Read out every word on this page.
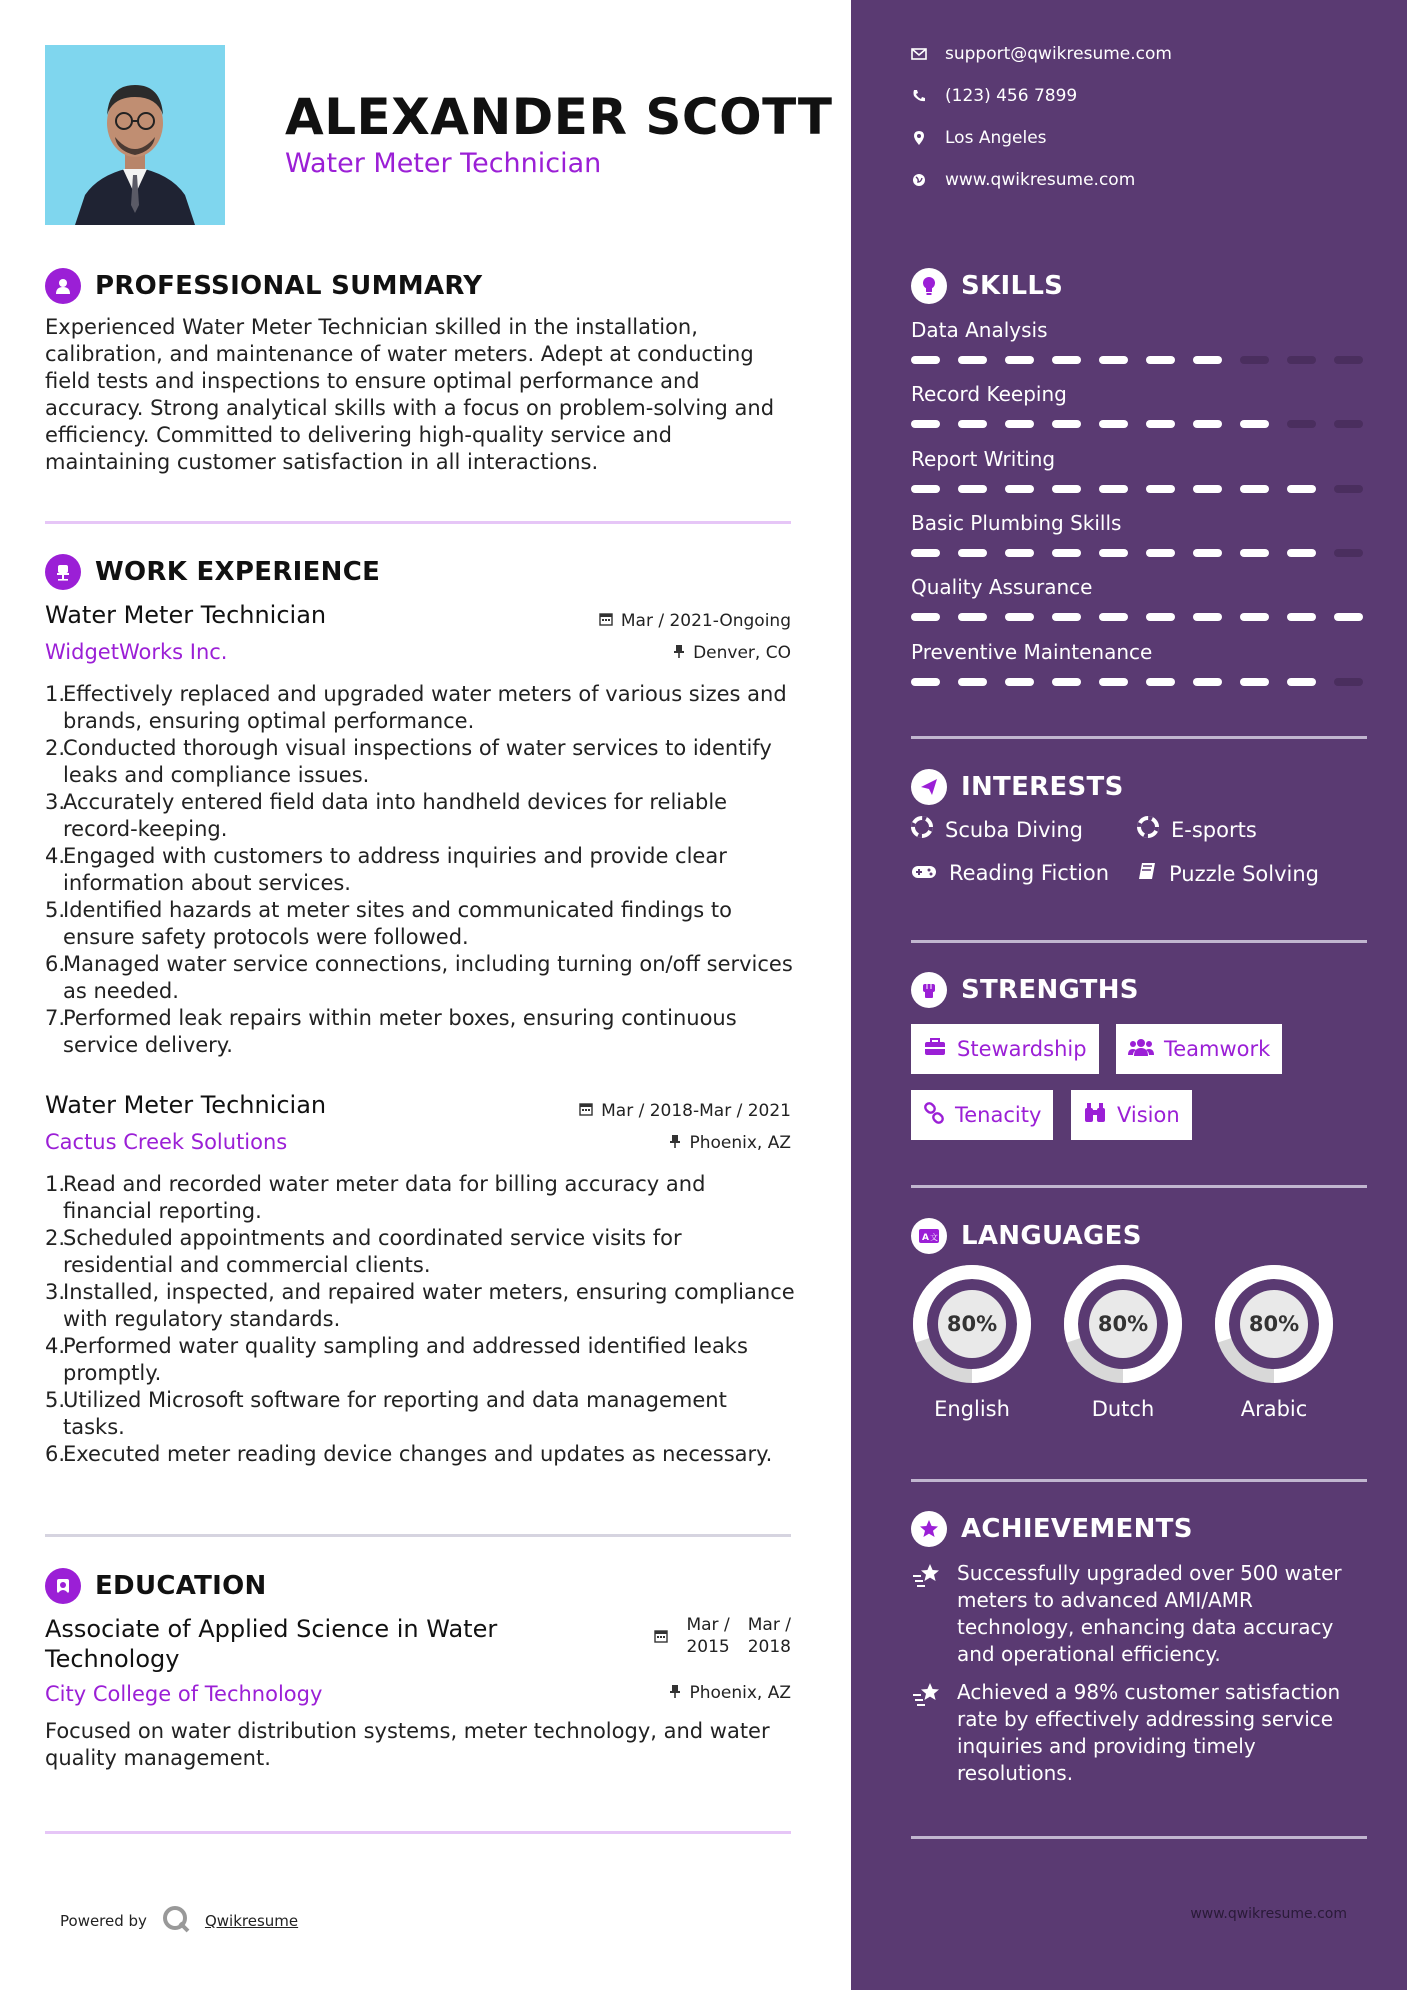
ALEXANDER SCOTT
Water Meter Technician
PROFESSIONAL SUMMARY
Experienced Water Meter Technician skilled in the installation, calibration, and maintenance of water meters. Adept at conducting field tests and inspections to ensure optimal performance and accuracy. Strong analytical skills with a focus on problem-solving and efficiency. Committed to delivering high-quality service and maintaining customer satisfaction in all interactions.
WORK EXPERIENCE
Water Meter Technician	Mar / 2021-Ongoing
WidgetWorks Inc.	Denver, CO
1.
Effectively replaced and upgraded water meters of various sizes and
brands, ensuring optimal performance.
2.
Conducted thorough visual inspections of water services to identify
leaks and compliance issues.
3.
Accurately entered field data into handheld devices for reliable
record-keeping.
4.
Engaged with customers to address inquiries and provide clear
information about services.
5.
Identified hazards at meter sites and communicated findings to
ensure safety protocols were followed.
6.
Managed water service connections, including turning on/off services
as needed.
7.
Performed leak repairs within meter boxes, ensuring continuous
service delivery.
Water Meter Technician	Mar / 2018-Mar / 2021
Cactus Creek Solutions	Phoenix, AZ
1.
Read and recorded water meter data for billing accuracy and
financial reporting.
2.
Scheduled appointments and coordinated service visits for
residential and commercial clients.
3.
Installed, inspected, and repaired water meters, ensuring compliance
with regulatory standards.
4.
Performed water quality sampling and addressed identified leaks
promptly.
5.
Utilized Microsoft software for reporting and data management
tasks.
6.
Executed meter reading device changes and updates as necessary.
EDUCATION
Associate of Applied Science in Water
Technology
Mar /
2015
Mar /
2018
City College of Technology	Phoenix, AZ
Focused on water distribution systems, meter technology, and water quality management.
Powered by	Qwikresume
support@qwikresume.com
(123) 456 7899
Los Angeles
www.qwikresume.com
SKILLS
Data Analysis
Record Keeping
Report Writing
Basic Plumbing Skills
Quality Assurance
Preventive Maintenance
INTERESTS
Scuba Diving	E-sports
Reading Fiction	Puzzle Solving
STRENGTHS
Stewardship	Teamwork
Tenacity	Vision
A 文 LANGUAGES
80%
English
80%
Dutch
80%
Arabic
ACHIEVEMENTS
Successfully upgraded over 500 water
meters to advanced AMI/AMR
technology, enhancing data accuracy
and operational efficiency.
Achieved a 98% customer satisfaction
rate by effectively addressing service
inquiries and providing timely
resolutions.
www.qwikresume.com
